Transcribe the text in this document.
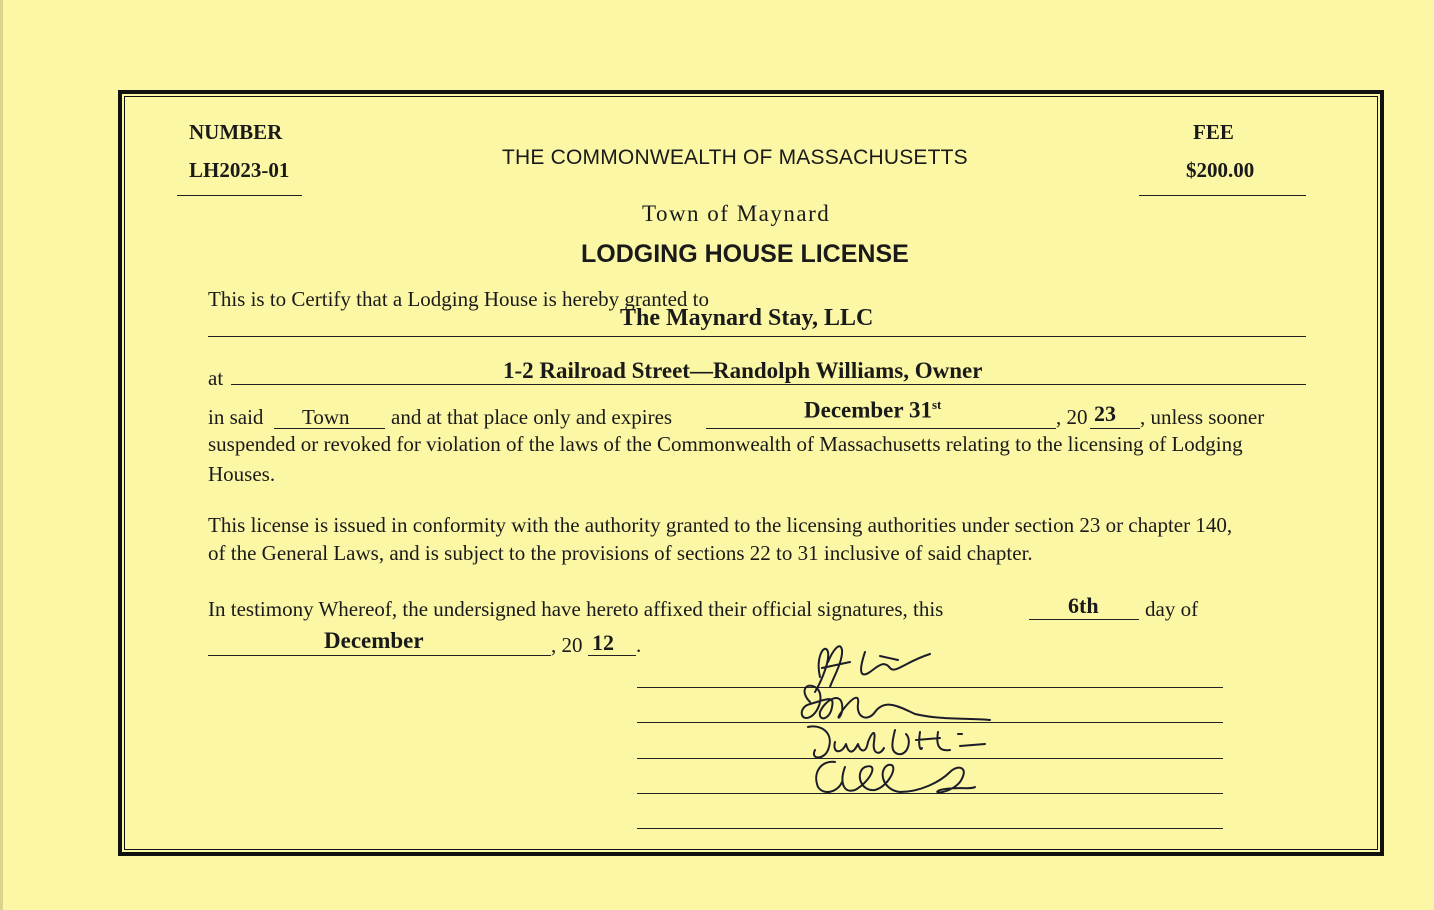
NUMBER
LH2023-01
THE COMMONWEALTH OF MASSACHUSETTS
FEE
$200.00
Town of Maynard
LODGING HOUSE LICENSE
This is to Certify that a Lodging House is hereby granted to
The Maynard Stay, LLC
at	1-2 Railroad Street—Randolph Williams, Owner
in said Town and at that place only and expires	December 31st
, 20 23 , unless sooner
suspended or revoked for violation of the laws of the Commonwealth of Massachusetts relating to the licensing of Lodging
Houses.
This license is issued in conformity with the authority granted to the licensing authorities under section 23 or chapter 140,
of the General Laws, and is subject to the provisions of sections 22 to 31 inclusive of said chapter.
In testimony Whereof, the undersigned have hereto affixed their official signatures, this	6th day of
December	, 20 12 .
